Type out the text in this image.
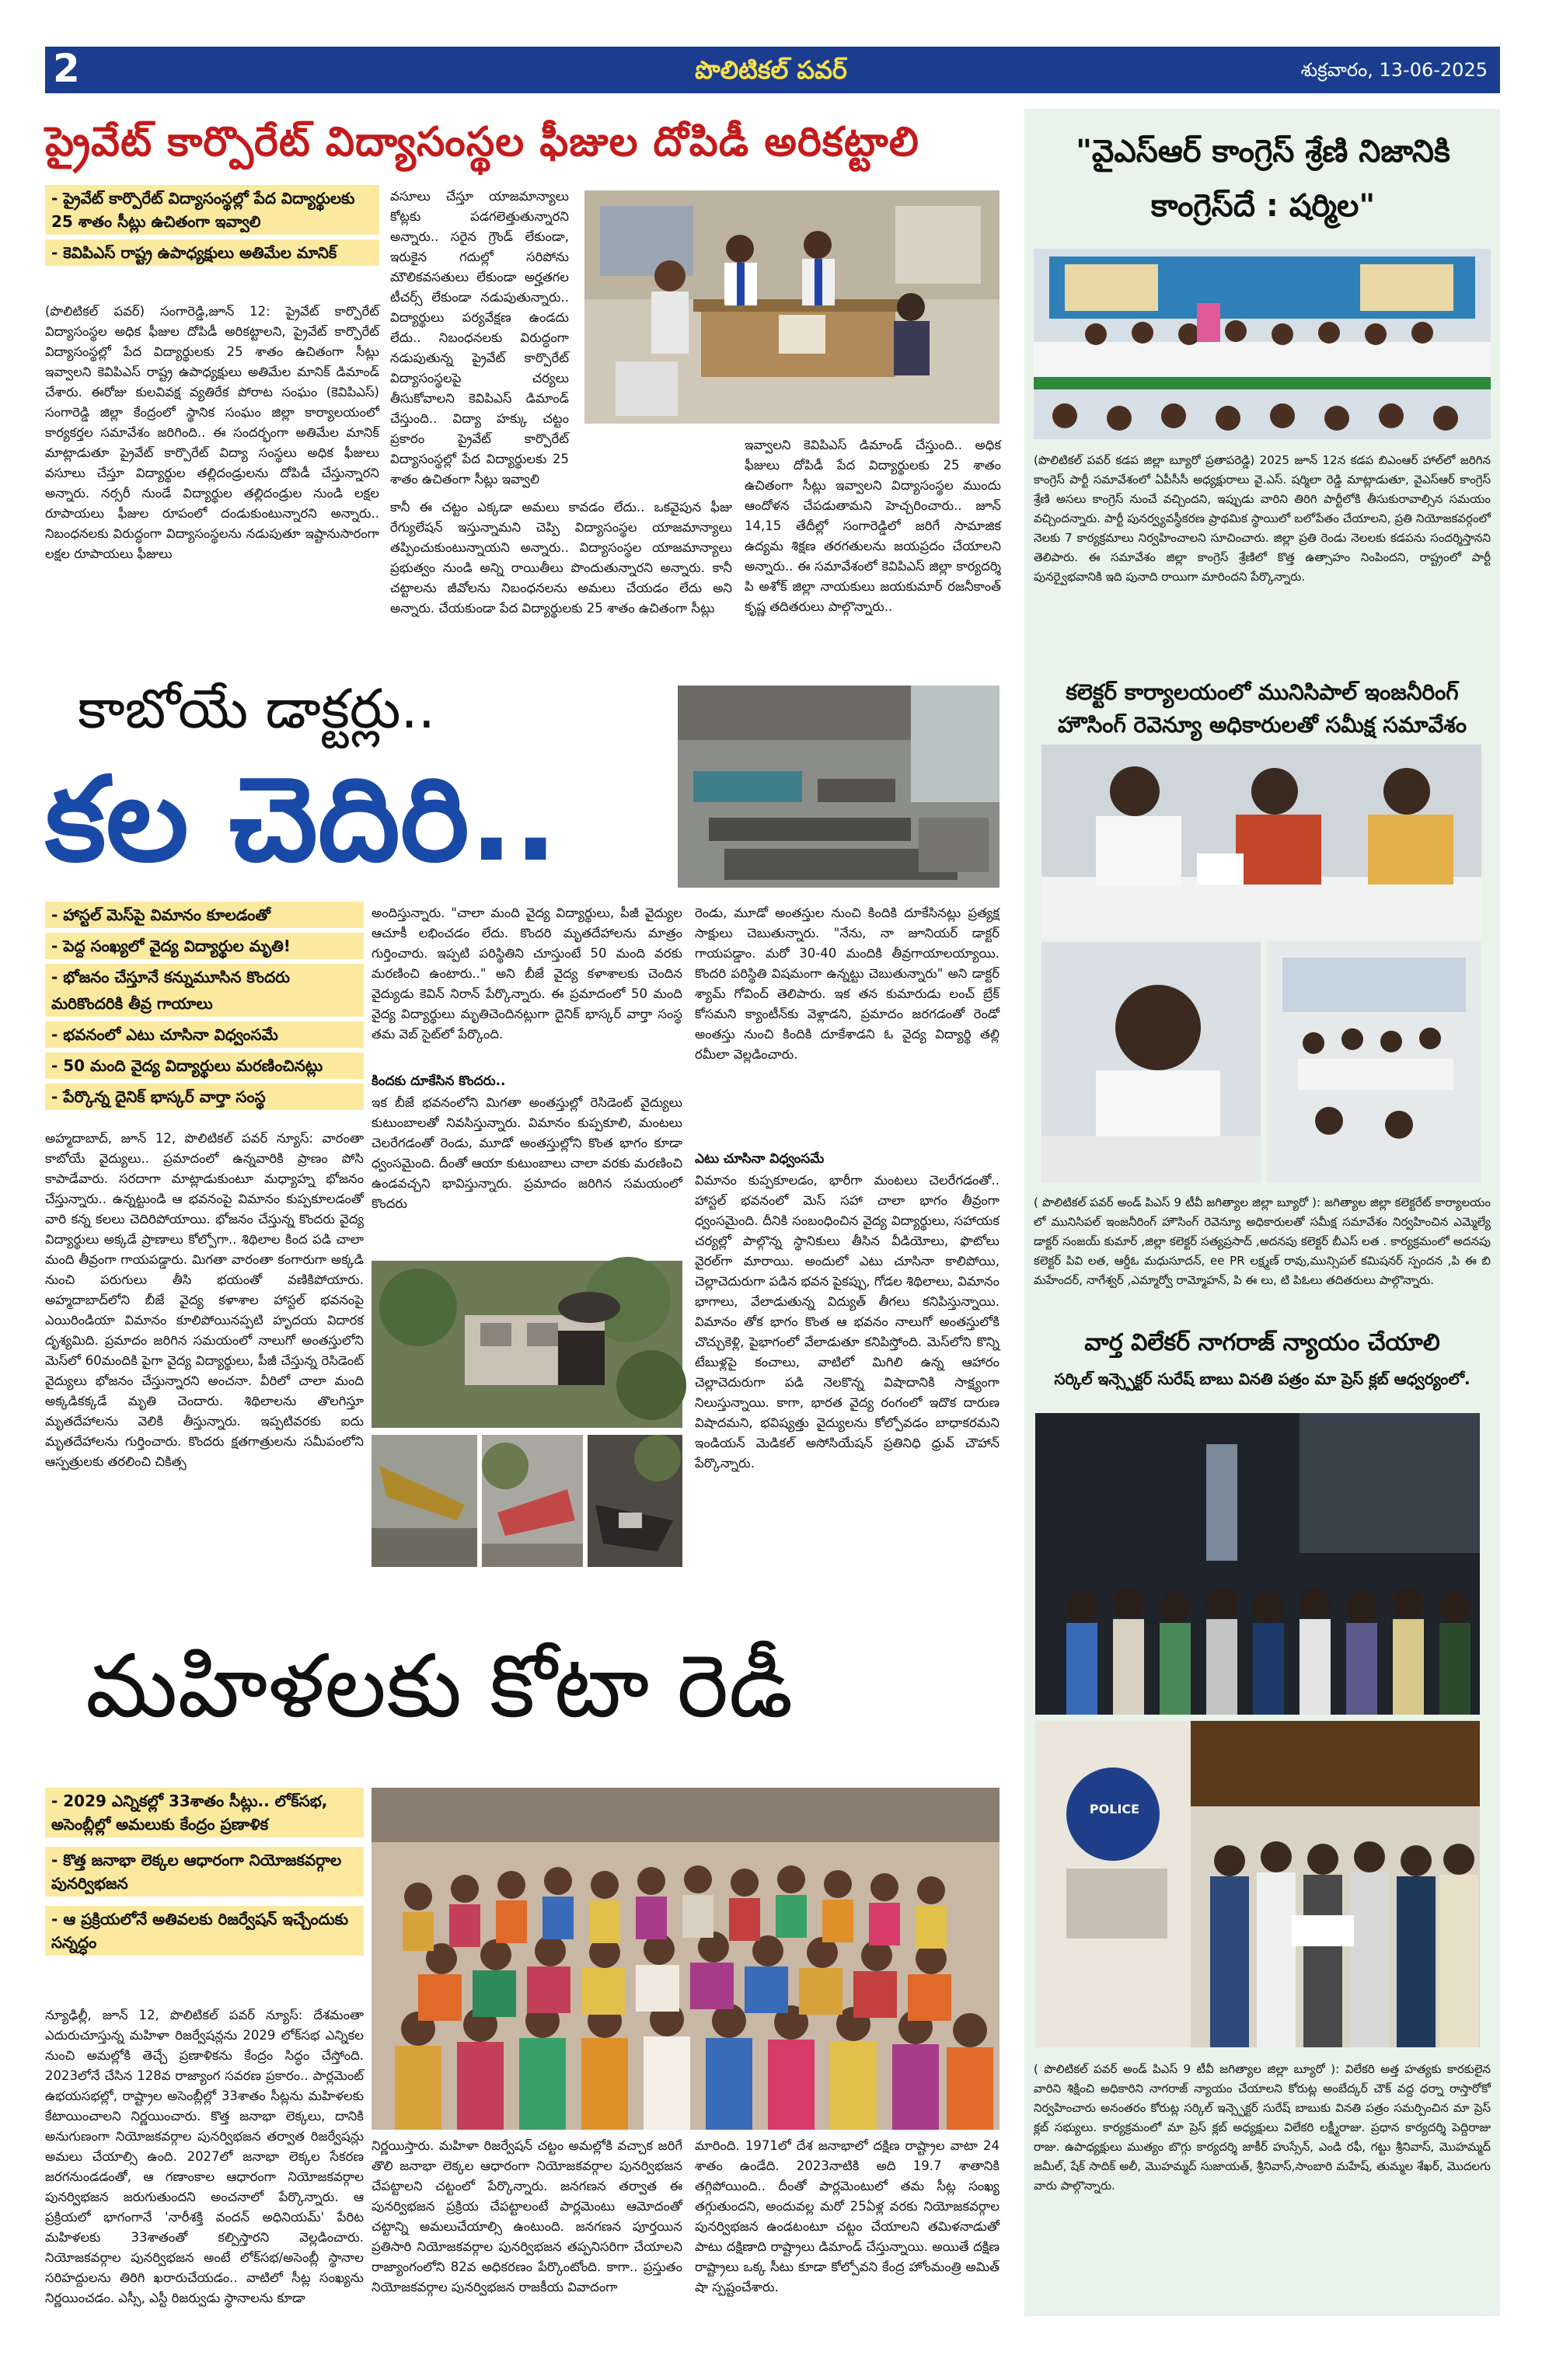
2	పొలిటికల్ పవర్	శుక్రవారం, 13-06-2025
ప్రైవేట్ కార్పొరేట్ విద్యాసంస్థల ఫీజుల దోపిడీ అరికట్టాలి
- ప్రైవేట్ కార్పొరేట్ విద్యాసంస్థల్లో పేద విద్యార్థులకు 25 శాతం సీట్లు ఉచితంగా ఇవ్వాలి
- కెవిపిఎస్ రాష్ట్ర ఉపాధ్యక్షులు అతిమేల మానిక్
(పొలిటికల్ పవర్) సంగారెడ్డి,జూన్ 12: ప్రైవేట్ కార్పొరేట్ విద్యాసంస్థల అధిక ఫీజుల దోపిడీ అరికట్టాలని, ప్రైవేట్ కార్పొరేట్ విద్యాసంస్థల్లో పేద విద్యార్థులకు 25 శాతం ఉచితంగా సీట్లు ఇవ్వాలని కెవిపిఎస్ రాష్ట్ర ఉపాధ్యక్షులు అతిమేల మానిక్ డిమాండ్ చేశారు. ఈరోజు కులవివక్ష వ్యతిరేక పోరాట సంఘం (కెవిపిఎస్) సంగారెడ్డి జిల్లా కేంద్రంలో స్థానిక సంఘం జిల్లా కార్యాలయంలో కార్యకర్తల సమావేశం జరిగింది.. ఈ సందర్భంగా అతిమేల మానిక్ మాట్లాడుతూ ప్రైవేట్ కార్పొరేట్ విద్యా సంస్థలు అధిక ఫీజులు వసూలు చేస్తూ విద్యార్థుల తల్లిదండ్రులను దోపిడీ చేస్తున్నారని అన్నారు. నర్సరీ నుండే విద్యార్థుల తల్లిదండ్రుల నుండి లక్షల రూపాయలు ఫీజుల రూపంలో దండుకుంటున్నారని అన్నారు.. నిబంధనలకు విరుద్ధంగా విద్యాసంస్థలను నడుపుతూ ఇష్టానుసారంగా లక్షల రూపాయలు ఫీజులు
వసూలు చేస్తూ యాజమాన్యాలు కోట్లకు పడగలెత్తుతున్నారని అన్నారు.. సరైన గ్రౌండ్ లేకుండా, ఇరుకైన గదుల్లో సరిపోను మౌలికవసతులు లేకుండా అర్హతగల టీచర్స్ లేకుండా నడుపుతున్నారు.. విద్యార్థులు పర్యవేక్షణ ఉండదు లేదు.. నిబంధనలకు విరుద్ధంగా నడుపుతున్న ప్రైవేట్ కార్పొరేట్ విద్యాసంస్థలపై చర్యలు తీసుకోవాలని కెవిపిఎస్ డిమాండ్ చేస్తుంది.. విద్యా హక్కు చట్టం ప్రకారం ప్రైవేట్ కార్పొరేట్ విద్యాసంస్థల్లో పేద విద్యార్థులకు 25 శాతం ఉచితంగా సీట్లు ఇవ్వాలి
కానీ ఈ చట్టం ఎక్కడా అమలు కావడం లేదు.. ఒకవైపున ఫీజు రేగ్యులేషన్ ఇస్తున్నామని చెప్పి విద్యాసంస్థల యాజమాన్యాలు తప్పించుకుంటున్నాయని అన్నారు.. విద్యాసంస్థల యాజమాన్యాలు ప్రభుత్వం నుండి అన్ని రాయితీలు పొందుతున్నారని అన్నారు. కానీ చట్టాలను జీవోలను నిబంధనలను అమలు చేయడం లేదు అని అన్నారు. చేయకుండా పేద విద్యార్థులకు 25 శాతం ఉచితంగా సీట్లు
ఇవ్వాలని కెవిపిఎస్ డిమాండ్ చేస్తుంది.. అధిక ఫీజులు దోపిడీ పేద విద్యార్థులకు 25 శాతం ఉచితంగా సీట్లు ఇవ్వాలని విద్యాసంస్థల ముందు ఆందోళన చేపడుతామని హెచ్చరించారు.. జూన్ 14,15 తేదీల్లో సంగారెడ్డిలో జరిగే సామాజిక ఉద్యమ శిక్షణ తరగతులను జయప్రదం చేయాలని అన్నారు.. ఈ సమావేశంలో కెవిపిఎస్ జిల్లా కార్యదర్శి పి అశోక్ జిల్లా నాయకులు జయకుమార్ రజనీకాంత్ కృష్ణ తదితరులు పాల్గొన్నారు..
కాబోయే డాక్టర్లు..
కల చెదిరి..
- హాస్టల్ మెస్‌పై విమానం కూలడంతో
- పెద్ద సంఖ్యలో వైద్య విద్యార్థుల మృతి!
- భోజనం చేస్తూనే కన్నుమూసిన కొందరు
మరికొందరికి తీవ్ర గాయాలు
- భవనంలో ఎటు చూసినా విధ్వంసమే
- 50 మంది వైద్య విద్యార్థులు మరణించినట్లు
- పేర్కొన్న దైనిక్ భాస్కర్ వార్తా సంస్థ
అహ్మదాబాద్, జూన్ 12, పొలిటికల్ పవర్ న్యూస్: వారంతా కాబోయే వైద్యులు.. ప్రమాదంలో ఉన్నవారికి ప్రాణం పోసి కాపాడేవారు. సరదాగా మాట్లాడుకుంటూ మధ్యాహ్న భోజనం చేస్తున్నారు.. ఉన్నట్టుండి ఆ భవనంపై విమానం కుప్పకూలడంతో వారి కన్న కలలు చెదిరిపోయాయి. భోజనం చేస్తున్న కొందరు వైద్య విద్యార్థులు అక్కడే ప్రాణాలు కోల్పోగా.. శిథిలాల కింద పడి చాలా మంది తీవ్రంగా గాయపడ్డారు. మిగతా వారంతా కంగారుగా అక్కడి నుంచి పరుగులు తీసి భయంతో వణికిపోయారు. అహ్మదాబాద్‌లోని బీజే వైద్య కళాశాల హాస్టల్ భవనంపై ఎయిరిండియా విమానం కూలిపోయినప్పటి హృదయ విదారక దృశ్యమిది. ప్రమాదం జరిగిన సమయంలో నాలుగో అంతస్తులోని మెస్‌లో 60మందికి పైగా వైద్య విద్యార్థులు, పీజీ చేస్తున్న రెసిడెంట్ వైద్యులు భోజనం చేస్తున్నారని అంచనా. వీరిలో చాలా మంది అక్కడికక్కడే మృతి చెందారు. శిథిలాలను తొలగిస్తూ మృతదేహాలను వెలికి తీస్తున్నారు. ఇప్పటివరకు ఐదు మృతదేహాలను గుర్తించారు. కొందరు క్షతగాత్రులను సమీపంలోని ఆస్పత్రులకు తరలించి చికిత్స
అందిస్తున్నారు. "చాలా మంది వైద్య విద్యార్థులు, పీజీ వైద్యుల ఆచూకీ లభించడం లేదు. కొందరి మృతదేహాలను మాత్రం గుర్తించారు. ఇప్పటి పరిస్థితిని చూస్తుంటే 50 మంది వరకు మరణించి ఉంటారు.." అని బీజే వైద్య కళాశాలకు చెందిన వైద్యుడు కెవిన్ నిరాన్ పేర్కొన్నారు. ఈ ప్రమాదంలో 50 మంది వైద్య విద్యార్థులు మృతిచెందినట్లుగా దైనిక్ భాస్కర్ వార్తా సంస్థ తమ వెబ్ సైట్‌లో పేర్కొంది.
కిందకు దూకేసిన కొందరు..
ఇక బీజే భవనంలోని మిగతా అంతస్తుల్లో రెసిడెంట్ వైద్యులు కుటుంబాలతో నివసిస్తున్నారు. విమానం కుప్పకూలి, మంటలు చెలరేగడంతో రెండు, మూడో అంతస్తుల్లోని కొంత భాగం కూడా ధ్వంసమైంది. దీంతో ఆయా కుటుంబాలు చాలా వరకు మరణించి ఉండవచ్చని భావిస్తున్నారు. ప్రమాదం జరిగిన సమయంలో కొందరు
రెండు, మూడో అంతస్తుల నుంచి కిందికి దూకేసినట్లు ప్రత్యక్ష సాక్షులు చెబుతున్నారు. "నేను, నా జూనియర్ డాక్టర్ గాయపడ్డాం. మరో 30-40 మందికి తీవ్రగాయాలయ్యాయి. కొందరి పరిస్థితి విషమంగా ఉన్నట్టు చెబుతున్నారు" అని డాక్టర్ శ్యామ్ గోవింద్ తెలిపారు. ఇక తన కుమారుడు లంచ్ బ్రేక్ కోసమని క్యాంటీన్‌కు వెళ్లాడని, ప్రమాదం జరగడంతో రెండో అంతస్తు నుంచి కిందికి దూకేశాడని ఓ వైద్య విద్యార్థి తల్లి రమీలా వెల్లడించారు.
ఎటు చూసినా విధ్వంసమే
విమానం కుప్పకూలడం, భారీగా మంటలు చెలరేగడంతో.. హాస్టల్ భవనంలో మెస్ సహా చాలా భాగం తీవ్రంగా ధ్వంసమైంది. దీనికి సంబంధించిన వైద్య విద్యార్థులు, సహాయక చర్యల్లో పాల్గొన్న స్థానికులు తీసిన వీడియోలు, ఫొటోలు వైరల్‌గా మారాయి. అందులో ఎటు చూసినా కాలిపోయి, చెల్లాచెదురుగా పడిన భవన పైకప్పు, గోడల శిథిలాలు, విమానం భాగాలు, వేలాడుతున్న విద్యుత్ తీగలు కనిపిస్తున్నాయి. విమానం తోక భాగం కొంత ఆ భవనం నాలుగో అంతస్తులోకి చొచ్చుకెళ్లి, పైభాగంలో వేలాడుతూ కనిపిస్తోంది. మెస్‌లోని కొన్ని టేబుళ్లపై కంచాలు, వాటిలో మిగిలి ఉన్న ఆహారం చెల్లాచెదురుగా పడి నెలకొన్న విషాదానికి సాక్ష్యంగా నిలుస్తున్నాయి. కాగా, భారత వైద్య రంగంలో ఇదొక దారుణ విషాదమని, భవిష్యత్తు వైద్యులను కోల్పోవడం బాధాకరమని ఇండియన్ మెడికల్ అసోసియేషన్ ప్రతినిధి ధ్రువ్ చౌహాన్ పేర్కొన్నారు.
మహిళలకు కోటా రెడీ
- 2029 ఎన్నికల్లో 33శాతం సీట్లు.. లోక్‌సభ, అసెంబ్లీల్లో అమలుకు కేంద్రం ప్రణాళిక
- కొత్త జనాభా లెక్కల ఆధారంగా నియోజకవర్గాల పునర్విభజన
- ఆ ప్రక్రియలోనే అతివలకు రిజర్వేషన్ ఇచ్చేందుకు సన్నద్ధం
న్యూఢిల్లీ, జూన్ 12, పొలిటికల్ పవర్ న్యూస్: దేశమంతా ఎదురుచూస్తున్న మహిళా రిజర్వేషన్లను 2029 లోక్‌సభ ఎన్నికల నుంచి అమల్లోకి తెచ్చే ప్రణాళికను కేంద్రం సిద్ధం చేస్తోంది. 2023లోనే చేసిన 128వ రాజ్యాంగ సవరణ ప్రకారం.. పార్లమెంట్ ఉభయసభల్లో, రాష్ట్రాల అసెంబ్లీల్లో 33శాతం సీట్లను మహిళలకు కేటాయించాలని నిర్ణయించారు. కొత్త జనాభా లెక్కలు, దానికి అనుగుణంగా నియోజకవర్గాల పునర్విభజన తర్వాత రిజర్వేషన్లు అమలు చేయాల్సి ఉంది. 2027లో జనాభా లెక్కల సేకరణ జరగనుండడంతో, ఆ గణాంకాల ఆధారంగా నియోజకవర్గాల పునర్విభజన జరుగుతుందని అంచనాలో పేర్కొన్నారు. ఆ ప్రక్రియలో భాగంగానే 'నారీశక్తి వందన్ అధినియమ్' పేరిట మహిళలకు 33శాతంతో కల్పిస్తారని వెల్లడించారు. నియోజకవర్గాల పునర్విభజన అంటే లోక్‌సభ/అసెంబ్లీ స్థానాల సరిహద్దులను తిరిగి ఖరారుచేయడం.. వాటిలో సీట్ల సంఖ్యను నిర్ణయించడం. ఎస్సీ, ఎస్టీ రిజర్వుడు స్థానాలను కూడా
నిర్ణయిస్తారు. మహిళా రిజర్వేషన్ చట్టం అమల్లోకి వచ్చాక జరిగే తొలి జనాభా లెక్కల ఆధారంగా నియోజకవర్గాల పునర్విభజన చేపట్టాలని చట్టంలో పేర్కొన్నారు. జనగణన తర్వాత ఈ పునర్విభజన ప్రక్రియ చేపట్టాలంటే పార్లమెంటు ఆమోదంతో చట్టాన్ని అమలుచేయాల్సి ఉంటుంది. జనగణన పూర్తయిన ప్రతిసారి నియోజకవర్గాల పునర్విభజన తప్పనిసరిగా చేయాలని రాజ్యాంగంలోని 82వ అధికరణం పేర్కొంటోంది. కాగా.. ప్రస్తుతం నియోజకవర్గాల పునర్విభజన రాజకీయ వివాదంగా
మారింది. 1971లో దేశ జనాభాలో దక్షిణ రాష్ట్రాల వాటా 24 శాతం ఉండేది. 2023నాటికి అది 19.7 శాతానికి తగ్గిపోయింది.. దీంతో పార్లమెంటులో తమ సీట్ల సంఖ్య తగ్గుతుందని, అందువల్ల మరో 25ఏళ్ల వరకు నియోజకవర్గాల పునర్విభజన ఉండటంటూ చట్టం చేయాలని తమిళనాడుతో పాటు దక్షిణాది రాష్ట్రాలు డిమాండ్ చేస్తున్నాయి. అయితే దక్షిణ రాష్ట్రాలు ఒక్క సీటు కూడా కోల్పోవని కేంద్ర హోంమంత్రి అమిత్ షా స్పష్టంచేశారు.
"వైఎస్ఆర్ కాంగ్రెస్ శ్రేణి నిజానికి కాంగ్రెస్‌దే : షర్మిల"
(పొలిటికల్ పవర్ కడప జిల్లా బ్యూరో ప్రతాపరెడ్డి) 2025 జూన్ 12న కడప బిఎంఆర్ హాల్‌లో జరిగిన కాంగ్రెస్ పార్టీ సమావేశంలో ఏపీసీసీ అధ్యక్షురాలు వై.ఎస్. షర్మిలా రెడ్డి మాట్లాడుతూ, వైఎస్ఆర్ కాంగ్రెస్ శ్రేణి అసలు కాంగ్రెస్ నుంచే వచ్చిందని, ఇప్పుడు వారిని తిరిగి పార్టీలోకి తీసుకురావాల్సిన సమయం వచ్చిందన్నారు. పార్టీ పునర్వ్యవస్థీకరణ ప్రాథమిక స్థాయిలో బలోపేతం చేయాలని, ప్రతి నియోజకవర్గంలో నెలకు 7 కార్యక్రమాలు నిర్వహించాలని సూచించారు. జిల్లా ప్రతి రెండు నెలలకు కడపను సందర్శిస్తానని తెలిపారు. ఈ సమావేశం జిల్లా కాంగ్రెస్ శ్రేణిలో కొత్త ఉత్సాహం నింపిందని, రాష్ట్రంలో పార్టీ పునర్వైభవానికి ఇది పునాది రాయిగా మారిందని పేర్కొన్నారు.
కలెక్టర్ కార్యాలయంలో మునిసిపాల్ ఇంజనీరింగ్ హౌసింగ్ రెవెన్యూ అధికారులతో సమీక్ష సమావేశం
( పొలిటికల్ పవర్ అండ్ పిఎస్ 9 టీవీ జగిత్యాల జిల్లా బ్యూరో ): జగిత్యాల జిల్లా కలెక్టరేట్ కార్యాలయం లో మునిసిపల్ ఇంజనీరింగ్ హౌసింగ్ రెవెన్యూ అధికారులతో సమీక్ష సమావేశం నిర్వహించిన ఎమ్మెల్యే డాక్టర్ సంజయ్ కుమార్ ,జిల్లా కలెక్టర్ సత్యప్రసాద్ ,అదనపు కలెక్టర్ బీఎస్ లత . కార్యక్రమంలో అదనపు కలెక్టర్ పివి లత, ఆర్డీఓ మధుసూదన్, ee PR లక్ష్మణ్ రావు,మున్సిపల్ కమిషనర్ స్పందన ,పి ఈ బి మహేందర్, నాగేశ్వర్ ,ఎమ్మార్వో రామ్మోహన్, పి ఈ లు, టి పిఓలు తదితరులు పాల్గొన్నారు.
వార్త విలేకర్ నాగరాజ్ న్యాయం చేయాలి
సర్కిల్ ఇన్స్పెక్టర్ సురేష్ బాబు వినతి పత్రం మా ప్రెస్ క్లబ్ ఆధ్వర్యంలో.
POLICE
( పొలిటికల్ పవర్ అండ్ పిఎస్ 9 టీవీ జగిత్యాల జిల్లా బ్యూరో ): విలేకరి అత్త హత్యకు కారకులైన వారిని శిక్షించి అధికారిని నాగరాజ్ న్యాయం చేయాలని కోరుట్ల అంబేద్కర్ చౌక్ వద్ద ధర్నా రాస్తారోకో నిర్వహించారు అనంతరం కోరుట్ల సర్కిల్ ఇన్స్పెక్టర్ సురేష్ బాబుకు వినతి పత్రం సమర్పించిన మా ప్రెస్ క్లబ్ సభ్యులు. కార్యక్రమంలో మా ప్రెస్ క్లబ్ అధ్యక్షులు విలేకరి లక్ష్మీరాజు. ప్రధాన కార్యదర్శి పెద్దిరాజు రాజు. ఉపాధ్యక్షులు ముత్యం బొగ్గు కార్యదర్శి జాకీర్ హుస్సేన్, ఎండి రఫీ, గట్టు శ్రీనివాస్, మొహమ్మద్ జమీల్, షేక్ సాదిక్ అలీ, మొహమ్మద్ సుజాయత్, శ్రీనివాస్,సాంబారి మహేష్, తుమ్మల శేఖర్, మొదలగు వారు పాల్గొన్నారు.
